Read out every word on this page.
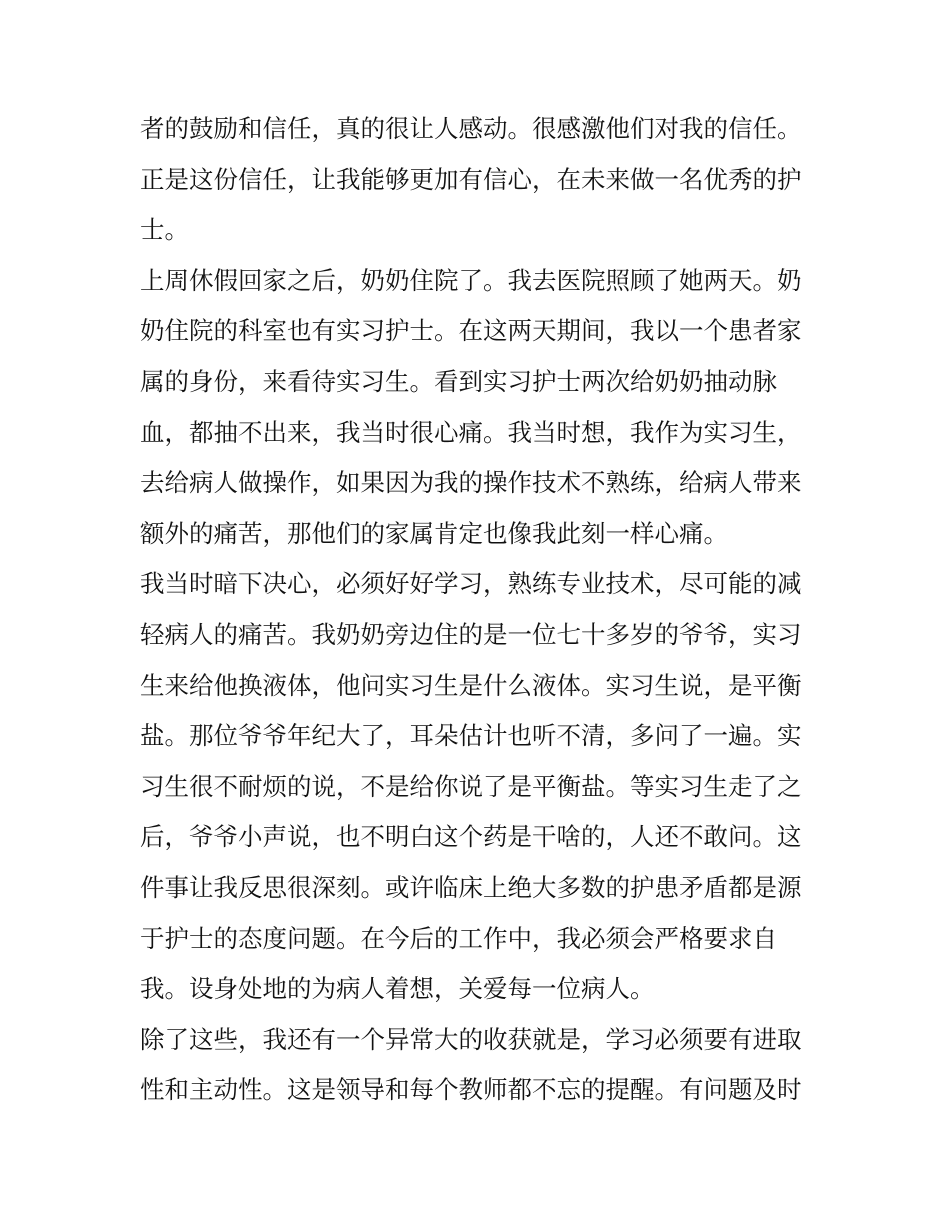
者的鼓励和信任，真的很让人感动。很感激他们对我的信任。

正是这份信任，让我能够更加有信心，在未来做一名优秀的护

士。

上周休假回家之后，奶奶住院了。我去医院照顾了她两天。奶

奶住院的科室也有实习护士。在这两天期间，我以一个患者家

属的身份，来看待实习生。看到实习护士两次给奶奶抽动脉

血，都抽不出来，我当时很心痛。我当时想，我作为实习生，

去给病人做操作，如果因为我的操作技术不熟练，给病人带来

额外的痛苦，那他们的家属肯定也像我此刻一样心痛。

我当时暗下决心，必须好好学习，熟练专业技术，尽可能的减

轻病人的痛苦。我奶奶旁边住的是一位七十多岁的爷爷，实习

生来给他换液体，他问实习生是什么液体。实习生说，是平衡

盐。那位爷爷年纪大了，耳朵估计也听不清，多问了一遍。实

习生很不耐烦的说，不是给你说了是平衡盐。等实习生走了之

后，爷爷小声说，也不明白这个药是干啥的，人还不敢问。这

件事让我反思很深刻。或许临床上绝大多数的护患矛盾都是源

于护士的态度问题。在今后的工作中，我必须会严格要求自

我。设身处地的为病人着想，关爱每一位病人。

除了这些，我还有一个异常大的收获就是，学习必须要有进取

性和主动性。这是领导和每个教师都不忘的提醒。有问题及时
